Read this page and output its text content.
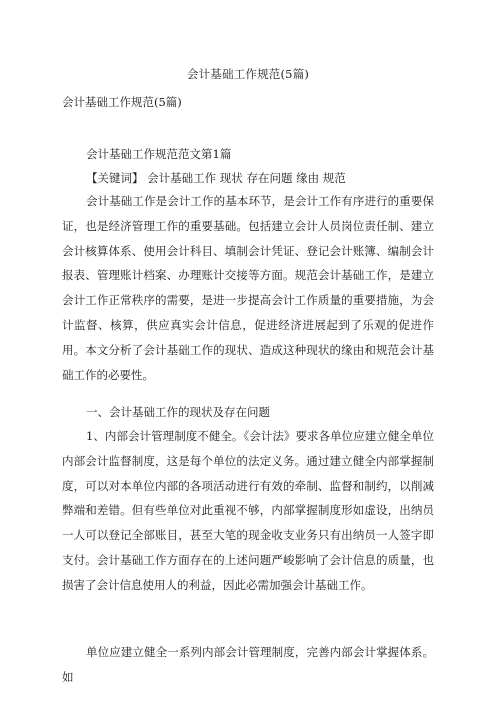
会计基础工作规范(5篇)
会计基础工作规范(5篇)
会计基础工作规范范文第1篇
【关键词】 会计基础工作 现状 存在问题 缘由 规范

会计基础工作是会计工作的基本环节，是会计工作有序进行的重要保证，也是经济管理工作的重要基础。包括建立会计人员岗位责任制、建立会计核算体系、使用会计科目、填制会计凭证、登记会计账簿、编制会计报表、管理账计档案、办理账计交接等方面。规范会计基础工作，是建立会计工作正常秩序的需要，是进一步提高会计工作质量的重要措施，为会计监督、核算，供应真实会计信息，促进经济进展起到了乐观的促进作用。本文分析了会计基础工作的现状、造成这种现状的缘由和规范会计基础工作的必要性。

一、会计基础工作的现状及存在问题

1、内部会计管理制度不健全。《会计法》要求各单位应建立健全单位内部会计监督制度，这是每个单位的法定义务。通过建立健全内部掌握制度，可以对本单位内部的各项活动进行有效的牵制、监督和制约，以削减弊端和差错。但有些单位对此重视不够，内部掌握制度形如虚设，出纳员一人可以登记全部账目，甚至大笔的现金收支业务只有出纳员一人签字即支付。会计基础工作方面存在的上述问题严峻影响了会计信息的质量，也损害了会计信息使用人的利益，因此必需加强会计基础工作。

单位应建立健全一系列内部会计管理制度，完善内部会计掌握体系。如
